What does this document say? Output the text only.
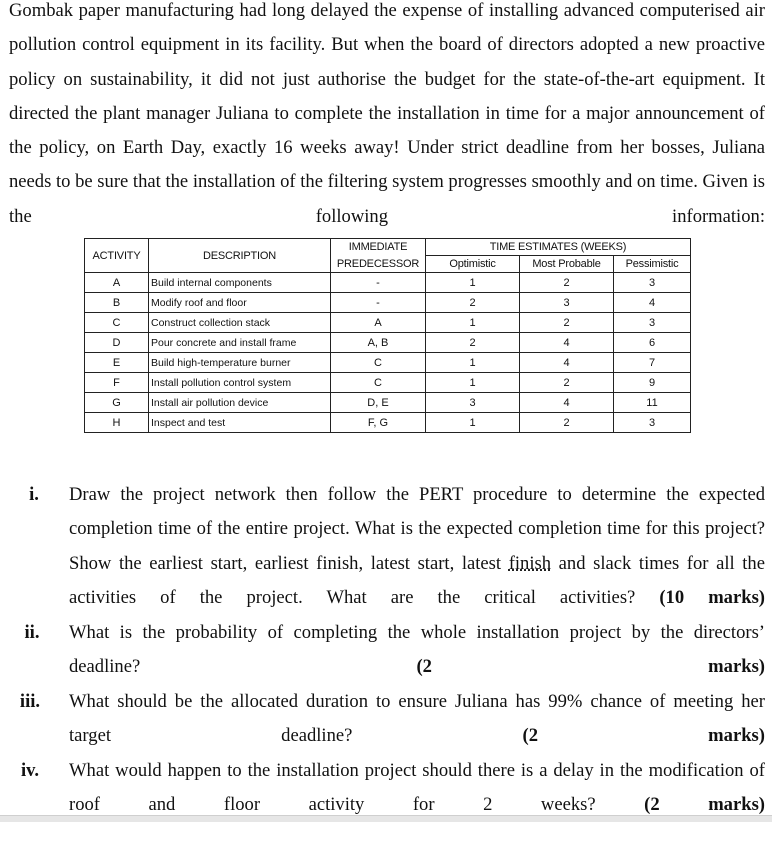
Gombak paper manufacturing had long delayed the expense of installing advanced computerised air pollution control equipment in its facility. But when the board of directors adopted a new proactive policy on sustainability, it did not just authorise the budget for the state-of-the-art equipment. It directed the plant manager Juliana to complete the installation in time for a major announcement of the policy, on Earth Day, exactly 16 weeks away! Under strict deadline from her bosses, Juliana needs to be sure that the installation of the filtering system progresses smoothly and on time. Given is the following information:
ACTIVITY	DESCRIPTION	IMMEDIATE	TIME ESTIMATES (WEEKS)		
		PREDECESSOR	Optimistic	Most Probable	Pessimistic
A	Build internal components	-	1	2	3
B	Modify roof and floor	-	2	3	4
C	Construct collection stack	A	1	2	3
D	Pour concrete and install frame	A, B	2	4	6
E	Build high-temperature burner	C	1	4	7
F	Install pollution control system	C	1	2	9
G	Install air pollution device	D, E	3	4	11
H	Inspect and test	F, G	1	2	3
i.	Draw the project network then follow the PERT procedure to determine the expected completion time of the entire project. What is the expected completion time for this project? Show the earliest start, earliest finish, latest start, latest finish and slack times for all the activities of the project. What are the critical activities? (10 marks)
ii.	What is the probability of completing the whole installation project by the directors’ deadline? (2 marks)
iii.	What should be the allocated duration to ensure Juliana has 99% chance of meeting her target deadline? (2 marks)
iv.	What would happen to the installation project should there is a delay in the modification of roof and floor activity for 2 weeks? (2 marks)
